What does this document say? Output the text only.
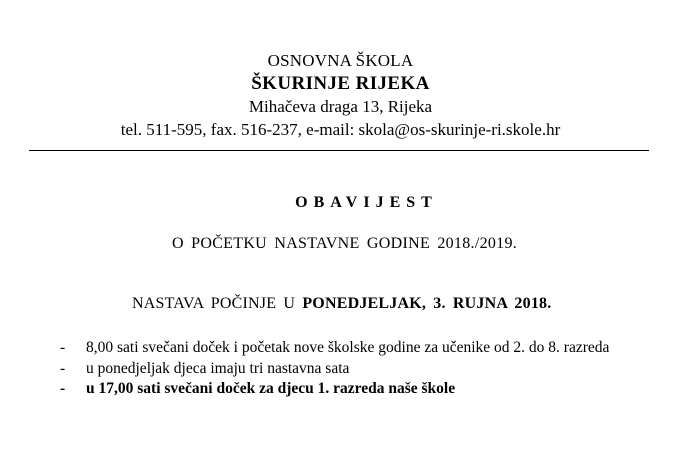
OSNOVNA ŠKOLA
ŠKURINJE RIJEKA
Mihačeva draga 13, Rijeka
tel. 511-595, fax. 516-237, e-mail: skola@os-skurinje-ri.skole.hr
OBAVIJEST
O POČETKU NASTAVNE GODINE 2018./2019.
NASTAVA POČINJE U PONEDJELJAK, 3. RUJNA 2018.
- 8,00 sati svečani doček i početak nove školske godine za učenike od 2. do 8. razreda
- u ponedjeljak djeca imaju tri nastavna sata
- u 17,00 sati svečani doček za djecu 1. razreda naše škole
